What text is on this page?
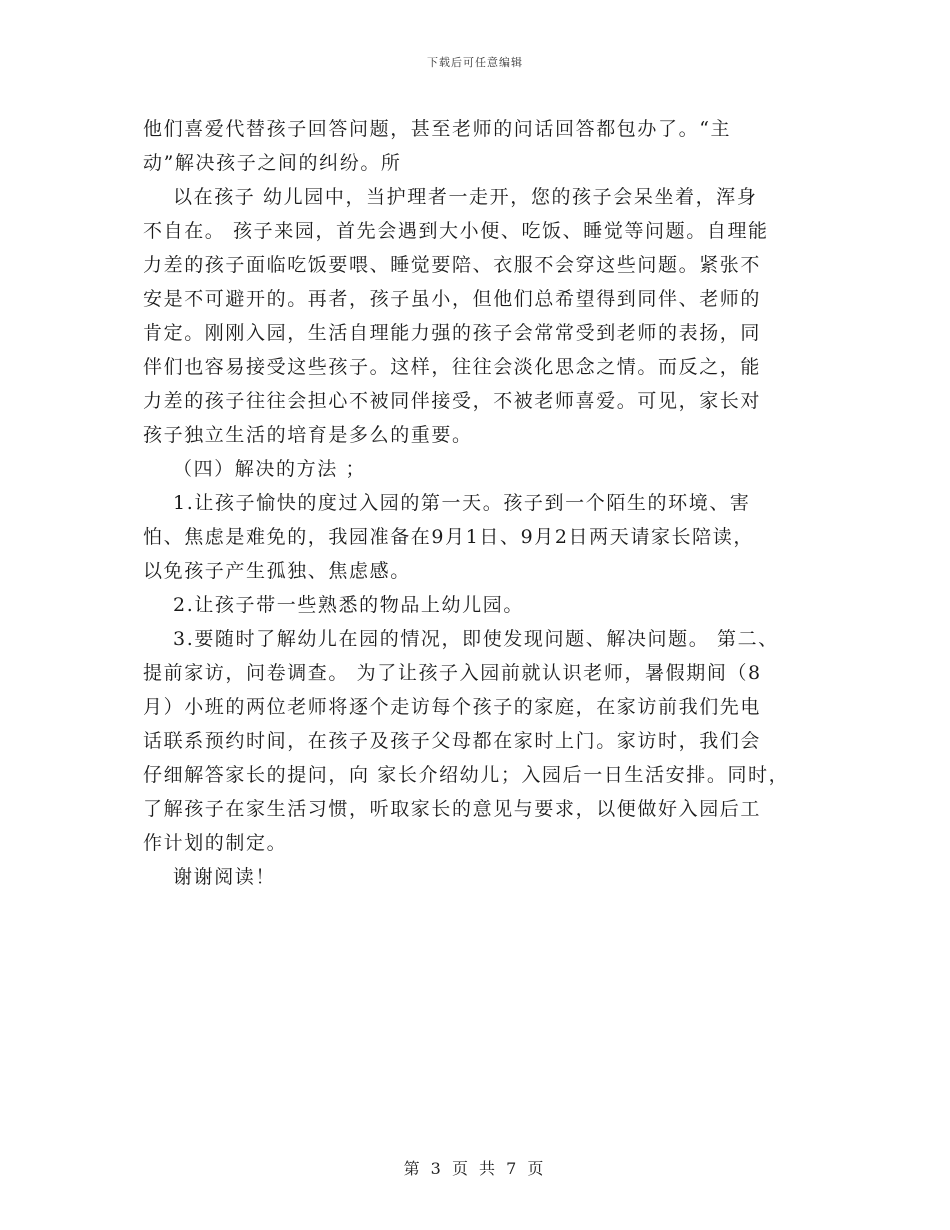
下载后可任意编辑
他们喜爱代替孩子回答问题，甚至老师的问话回答都包办了。“主
动”解决孩子之间的纠纷。所
以在孩子 幼儿园中，当护理者一走开，您的孩子会呆坐着，浑身
不自在。 孩子来园，首先会遇到大小便、吃饭、睡觉等问题。自理能
力差的孩子面临吃饭要喂、睡觉要陪、衣服不会穿这些问题。紧张不
安是不可避开的。再者，孩子虽小，但他们总希望得到同伴、老师的
肯定。刚刚入园，生活自理能力强的孩子会常常受到老师的表扬，同
伴们也容易接受这些孩子。这样，往往会淡化思念之情。而反之，能
力差的孩子往往会担心不被同伴接受，不被老师喜爱。可见，家长对
孩子独立生活的培育是多么的重要。
（四）解决的方法 ；
1.让孩子愉快的度过入园的第一天。孩子到一个陌生的环境、害
怕、焦虑是难免的，我园准备在9月1日、9月2日两天请家长陪读，
以免孩子产生孤独、焦虑感。
2.让孩子带一些熟悉的物品上幼儿园。
3.要随时了解幼儿在园的情况，即使发现问题、解决问题。 第二、
提前家访，问卷调查。 为了让孩子入园前就认识老师，暑假期间（8
月）小班的两位老师将逐个走访每个孩子的家庭，在家访前我们先电
话联系预约时间，在孩子及孩子父母都在家时上门。家访时，我们会
仔细解答家长的提问，向 家长介绍幼儿；入园后一日生活安排。同时，
了解孩子在家生活习惯，听取家长的意见与要求，以便做好入园后工
作计划的制定。
谢谢阅读！
第 3 页 共 7 页
